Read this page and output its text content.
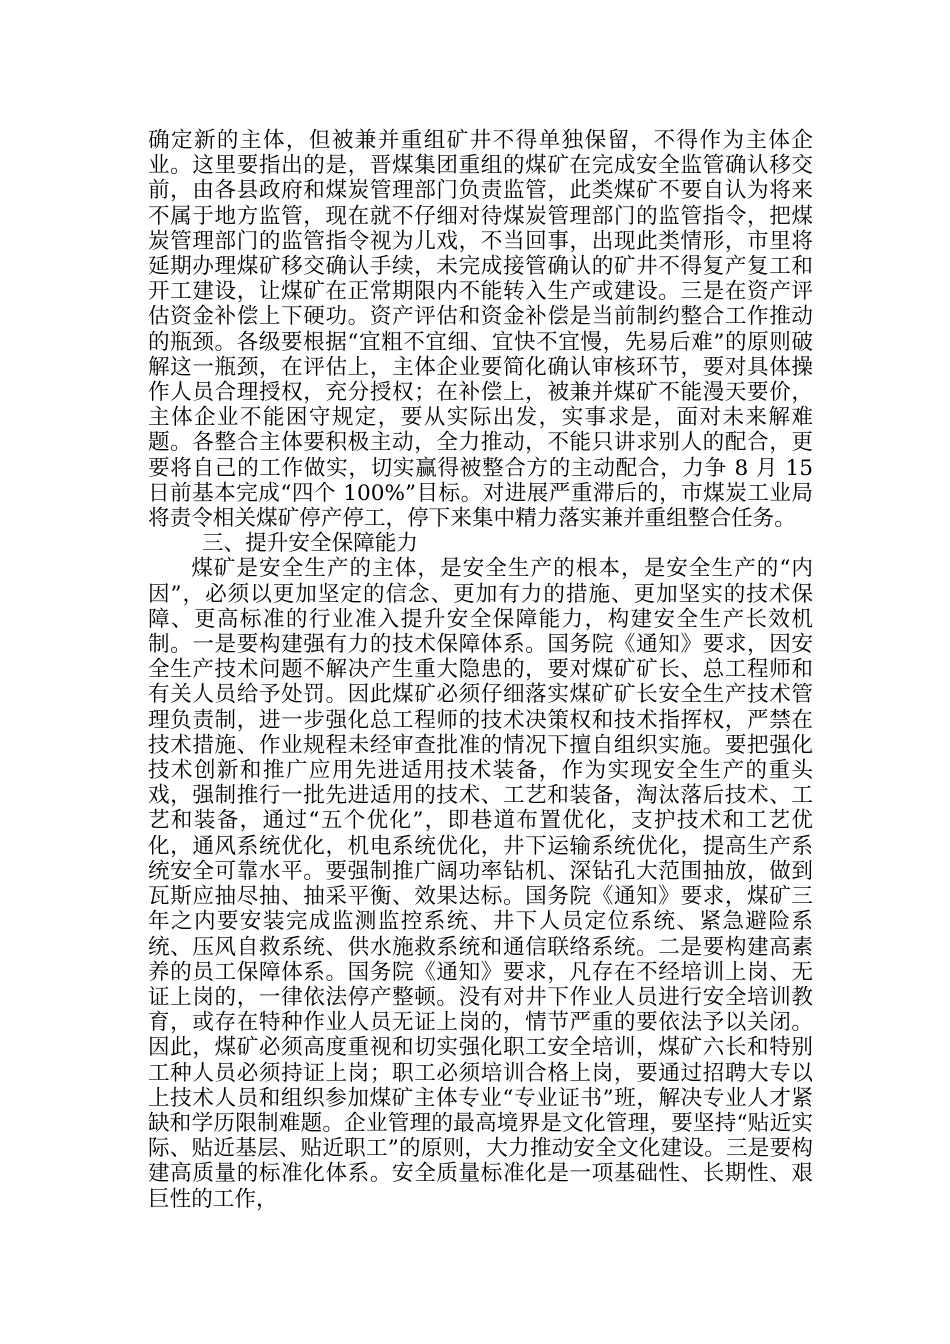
确定新的主体，但被兼并重组矿井不得单独保留，不得作为主体企业。这里要指出的是，晋煤集团重组的煤矿在完成安全监管确认移交前，由各县政府和煤炭管理部门负责监管，此类煤矿不要自认为将来不属于地方监管，现在就不仔细对待煤炭管理部门的监管指令，把煤炭管理部门的监管指令视为儿戏，不当回事，出现此类情形，市里将延期办理煤矿移交确认手续，未完成接管确认的矿井不得复产复工和开工建设，让煤矿在正常期限内不能转入生产或建设。三是在资产评估资金补偿上下硬功。资产评估和资金补偿是当前制约整合工作推动的瓶颈。各级要根据“宜粗不宜细、宜快不宜慢，先易后难”的原则破解这一瓶颈，在评估上，主体企业要简化确认审核环节，要对具体操作人员合理授权，充分授权；在补偿上，被兼并煤矿不能漫天要价，主体企业不能困守规定，要从实际出发，实事求是，面对未来解难题。各整合主体要积极主动，全力推动，不能只讲求别人的配合，更要将自己的工作做实，切实赢得被整合方的主动配合，力争 8 月 15 日前基本完成“四个 100%”目标。对进展严重滞后的，市煤炭工业局将责令相关煤矿停产停工，停下来集中精力落实兼并重组整合任务。

三、提升安全保障能力

煤矿是安全生产的主体，是安全生产的根本，是安全生产的“内因”，必须以更加坚定的信念、更加有力的措施、更加坚实的技术保障、更高标准的行业准入提升安全保障能力，构建安全生产长效机制。一是要构建强有力的技术保障体系。国务院《通知》要求，因安全生产技术问题不解决产生重大隐患的，要对煤矿矿长、总工程师和有关人员给予处罚。因此煤矿必须仔细落实煤矿矿长安全生产技术管理负责制，进一步强化总工程师的技术决策权和技术指挥权，严禁在技术措施、作业规程未经审查批准的情况下擅自组织实施。要把强化技术创新和推广应用先进适用技术装备，作为实现安全生产的重头戏，强制推行一批先进适用的技术、工艺和装备，淘汰落后技术、工艺和装备，通过“五个优化”，即巷道布置优化，支护技术和工艺优化，通风系统优化，机电系统优化，井下运输系统优化，提高生产系统安全可靠水平。要强制推广阔功率钻机、深钻孔大范围抽放，做到瓦斯应抽尽抽、抽采平衡、效果达标。国务院《通知》要求，煤矿三年之内要安装完成监测监控系统、井下人员定位系统、紧急避险系统、压风自救系统、供水施救系统和通信联络系统。二是要构建高素养的员工保障体系。国务院《通知》要求，凡存在不经培训上岗、无证上岗的，一律依法停产整顿。没有对井下作业人员进行安全培训教育，或存在特种作业人员无证上岗的，情节严重的要依法予以关闭。因此，煤矿必须高度重视和切实强化职工安全培训，煤矿六长和特别工种人员必须持证上岗；职工必须培训合格上岗，要通过招聘大专以上技术人员和组织参加煤矿主体专业“专业证书”班，解决专业人才紧缺和学历限制难题。企业管理的最高境界是文化管理，要坚持“贴近实际、贴近基层、贴近职工”的原则，大力推动安全文化建设。三是要构建高质量的标准化体系。安全质量标准化是一项基础性、长期性、艰巨性的工作，
